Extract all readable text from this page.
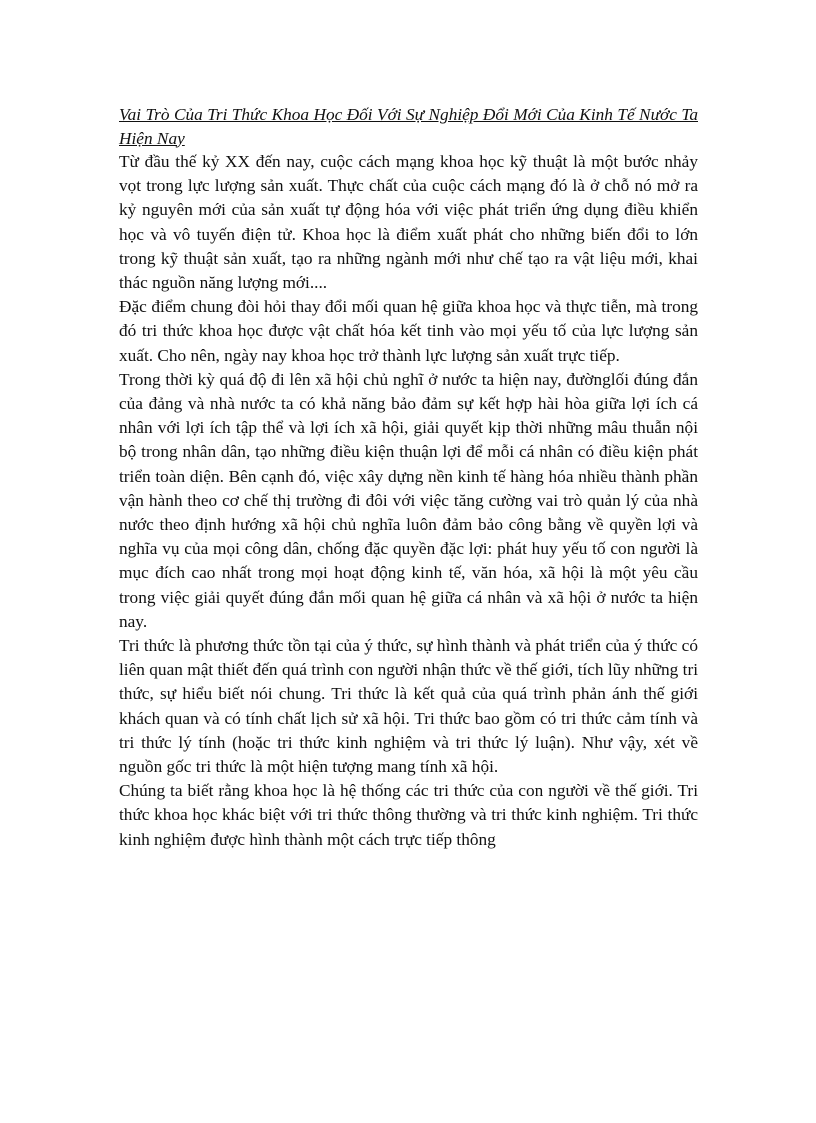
Vai Trò Của Tri Thức Khoa Học Đối Với Sự Nghiệp Đổi Mới Của Kinh Tế Nước Ta Hiện Nay

Từ đầu thế kỷ XX đến nay, cuộc cách mạng khoa học kỹ thuật là một bước nhảy vọt trong lực lượng sản xuất. Thực chất của cuộc cách mạng đó là ở chỗ nó mở ra kỷ nguyên mới của sản xuất tự động hóa với việc phát triển ứng dụng điều khiển học và vô tuyến điện tử. Khoa học là điểm xuất phát cho những biến đổi to lớn trong kỹ thuật sản xuất, tạo ra những ngành mới như chế tạo ra vật liệu mới, khai thác nguồn năng lượng mới....

Đặc điểm chung đòi hỏi thay đổi mối quan hệ giữa khoa học và thực tiễn, mà trong đó tri thức khoa học được vật chất hóa kết tinh vào mọi yếu tố của lực lượng sản xuất. Cho nên, ngày nay khoa học trở thành lực lượng sản xuất trực tiếp.

Trong thời kỳ quá độ đi lên xã hội chủ nghĩ ở nước ta hiện nay, đườnglối đúng đắn của đảng và nhà nước ta có khả năng bảo đảm sự kết hợp hài hòa giữa lợi ích cá nhân với lợi ích tập thể và lợi ích xã hội, giải quyết kịp thời những mâu thuẫn nội bộ trong nhân dân, tạo những điều kiện thuận lợi để mỗi cá nhân có điều kiện phát triển toàn diện. Bên cạnh đó, việc xây dựng nền kinh tế hàng hóa nhiều thành phần vận hành theo cơ chế thị trường đi đôi với việc tăng cường vai trò quản lý của nhà nước theo định hướng xã hội chủ nghĩa luôn đảm bảo công bằng về quyền lợi và nghĩa vụ của mọi công dân, chống đặc quyền đặc lợi: phát huy yếu tố con người là mục đích cao nhất trong mọi hoạt động kinh tế, văn hóa, xã hội là một yêu cầu trong việc giải quyết đúng đắn mối quan hệ giữa cá nhân và xã hội ở nước ta hiện nay.

Tri thức là phương thức tồn tại của ý thức, sự hình thành và phát triển của ý thức có liên quan mật thiết đến quá trình con người nhận thức về thế giới, tích lũy những tri thức, sự hiểu biết nói chung. Tri thức là kết quả của quá trình phản ánh thế giới khách quan và có tính chất lịch sử xã hội. Tri thức bao gồm có tri thức cảm tính và tri thức lý tính (hoặc tri thức kinh nghiệm và tri thức lý luận). Như vậy, xét về nguồn gốc tri thức là một hiện tượng mang tính xã hội.

Chúng ta biết rằng khoa học là hệ thống các tri thức của con người về thế giới. Tri thức khoa học khác biệt với tri thức thông thường và tri thức kinh nghiệm. Tri thức kinh nghiệm được hình thành một cách trực tiếp thông
